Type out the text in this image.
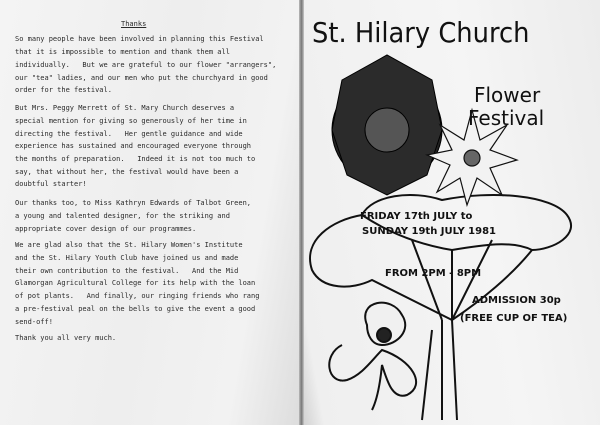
Thanks
So many people have been involved in planning this Festival
that it is impossible to mention and thank them all
individually.   But we are grateful to our flower "arrangers",
our "tea" ladies, and our men who put the churchyard in good
order for the festival.
But Mrs. Peggy Merrett of St. Mary Church deserves a
special mention for giving so generously of her time in
directing the festival.   Her gentle guidance and wide
experience has sustained and encouraged everyone through
the months of preparation.   Indeed it is not too much to
say, that without her, the festival would have been a
doubtful starter!
Our thanks too, to Miss Kathryn Edwards of Talbot Green,
a young and talented designer, for the striking and
appropriate cover design of our programmes.
We are glad also that the St. Hilary Women's Institute
and the St. Hilary Youth Club have joined us and made
their own contribution to the festival.   And the Mid
Glamorgan Agricultural College for its help with the loan
of pot plants.   And finally, our ringing friends who rang
a pre-festival peal on the bells to give the event a good
send-off!
Thank you all very much.
St. Hilary Church
Flower
Festival
FRIDAY 17th JULY to
SUNDAY 19th JULY 1981
FROM 2PM - 8PM
ADMISSION 30p
(FREE CUP OF TEA)
